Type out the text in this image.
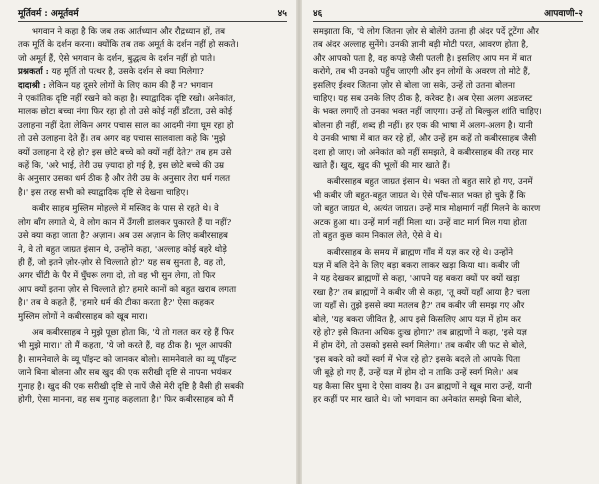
मूर्तिवर्म : अमूर्तवर्म	४५

भगवान ने कहा है कि जब तक आर्तध्यान और रौद्रध्यान हों, तब
तक मूर्ति के दर्शन करना। क्योंकि तब तक अमूर्त के दर्शन नहीं हो सकते।
जो अमूर्त हैं, ऐसे भगवान के दर्शन, बुद्धत्व के दर्शन नहीं हो पाते।

प्रश्नकर्ता : यह मूर्ति तो पत्थर है, उसके दर्शन से क्या मिलेगा?

दादाश्री : लेकिन यह दूसरे लोगों के लिए काम की हैं न? भगवान
ने एकांतिक दृष्टि नहीं रखने को कहा है। स्याद्वादिक दृष्टि रखो। अनेकांत,
मालक छोटा बच्चा नंगा फिर रहा हो तो उसे कोई नहीं डाँटता, उसे कोई
उलाहना नहीं देता लेकिन अगर पचास साल का आदमी नंगा घूम रहा हो
तो उसे उलाहना देते हैं। तब अगर वह पचास सालवाला कहे कि 'मुझे
क्यों उलाहना दे रहे हो? इस छोटे बच्चे को क्यों नहीं देते?' तब हम उसे
कहें कि, 'अरे भाई, तेरी उम्र ज़्यादा हो गई है, इस छोटे बच्चे की उम्र
के अनुसार उसका धर्म ठीक है और तेरी उम्र के अनुसार तेरा धर्म गलत
है।' इस तरह सभी को स्याद्वादिक दृष्टि से देखना चाहिए।

कबीर साहब मुस्लिम मोहल्ले में मस्जिद के पास से रहते थे। वे
लोग बाँग लगाते थे, वे लोग कान में उँगली डालकर पुकारते हैं या नहीं?
उसे क्या कहा जाता है? अज़ान। अब उस अज़ान के लिए कबीरसाहब
ने, वे तो बहुत जाग्रत इंसान थे, उन्होंने कहा, 'अल्लाह कोई बहरे थोड़े
ही हैं, जो इतने ज़ोर-ज़ोर से चिल्लाते हो?' यह सब सुनता है, वह तो,
अगर चींटी के पैर में घुँघरू लगा दो, तो वह भी सुन लेगा, तो फिर
आप क्यों इतना ज़ोर से चिल्लाते हो? हमारे कानों को बहुत खराब लगता
है।' तब वे कहते हैं, 'हमारे धर्म की टीका करता है?' ऐसा कहकर
मुस्लिम लोगों ने कबीरसाहब को खूब मारा।

अब कबीरसाहब ने मुझे पूछा होता कि, 'ये तो गलत कर रहे हैं फिर
भी मुझे मारा।' तो मैं कहता, 'ये जो करते हैं, वह ठीक है। भूल आपकी
है। सामनेवाले के व्यू पॉइन्ट को जानकर बोलो। सामनेवाले का व्यू पॉइन्ट
जाने बिना बोलना और सब खुद की एक सरीखी दृष्टि से नापना भयंकर
गुनाह है। खुद की एक सरीखी दृष्टि से नापें जैसे मेरी दृष्टि है वैसी ही सबकी
होगी, ऐसा मानना, वह सब गुनाह कहलाता है।' फिर कबीरसाहब को मैं

४६	आपवाणी-२

समझाता कि, 'ये लोग जितना ज़ोर से बोलेंगे उतना ही अंदर पर्दे टूटेंगा और
तब अंदर अल्लाह सुनेंगे। उनकी ज्ञानी बड़ी मोटी परत, आवरण होता है,
और आपको पता है, वह कपड़े जैसी पतली है। इसलिए आप मन में बात
करोगे, तब भी उनको पहुँच जाएगी और इन लोगों के अवरण तो मोटे हैं,
इसलिए ईश्वर जितना ज़ोर से बोला जा सके, उन्हें तो उतना बोलना
चाहिए। यह सब उनके लिए ठीक है, करेक्ट है। अब ऐसा अलग अडजस्ट
के भक्त लगाएँ तो उनका भक्त नहीं जाएगा। उन्हें तो बिल्कुल शांति चाहिए।
बोलना ही नहीं, शब्द ही नहीं। हर एक की भाषा में अलग-अलग है। यानी
ये उनकी भाषा में बात कर रहे हों, और उन्हें हम कहें तो कबीरसाहब जैसी
दशा हो जाए। जो अनेकांत को नहीं समझते, वे कबीरसाहब की तरह मार
खाते हैं। खुद, खुद की भूलों की मार खाते हैं।

कबीरसाहब बहुत जाग्रत इंसान थे। भक्त तो बहुत सारे हो गए, उनमें
भी कबीर जी बहुत-बहुत जाग्रत थे। ऐसे पाँच-सात भक्त हो चुके हैं कि
जो बहुत जाग्रत थे, अत्यंत जाग्रत। उन्हें मात्र मोक्षमार्ग नहीं मिलने के कारण
अटक हुआ था। उन्हें मार्ग नहीं मिला था। उन्हें वाट मार्ग मिल गया होता
तो बहुत कुछ काम निकाल लेते, ऐसे वे थे।

कबीरसाहब के समय में ब्राह्मण गाँव में यज्ञ कर रहे थे। उन्होंने
यज्ञ में बलि देने के लिए बड़ा बकरा लाकर खड़ा किया था। कबीर जी
ने यह देखकर ब्राह्मणों से कहा, 'आपने यह बकरा क्यों पर क्यों खड़ा
रखा है?' तब ब्राह्मणों ने कबीर जी से कहा, 'तू क्यों यहाँ आया है? चला
जा यहाँ से। तुझे इससे क्या मतलब है?' तब कबीर जी समझ गए और
बोले, 'यह बकरा जीवित है, आप इसे किसलिए आप यज्ञ में होम कर
रहे हो? इसे कितना अधिक दुःख होगा?' तब ब्राह्मणों ने कहा, 'इसे यज्ञ
में होम देंगे, तो उसको इससे स्वर्ग मिलेगा।' तब कबीर जी फट से बोले,
'इस बकरे को क्यों स्वर्ग में भेज रहे हो? इसके बदले तो आपके पिता
जी बूढ़े हो गए हैं, उन्हें यज्ञ में होम दो न ताकि उन्हें स्वर्ग मिले।' अब
यह कैसा सिर घुमा दे ऐसा वाक्य है। उन ब्राह्मणों ने खूब मारा उन्हें, यानी
हर कहीं पर मार खाते थे। जो भगवान का अनेकांत समझे बिना बोले,
